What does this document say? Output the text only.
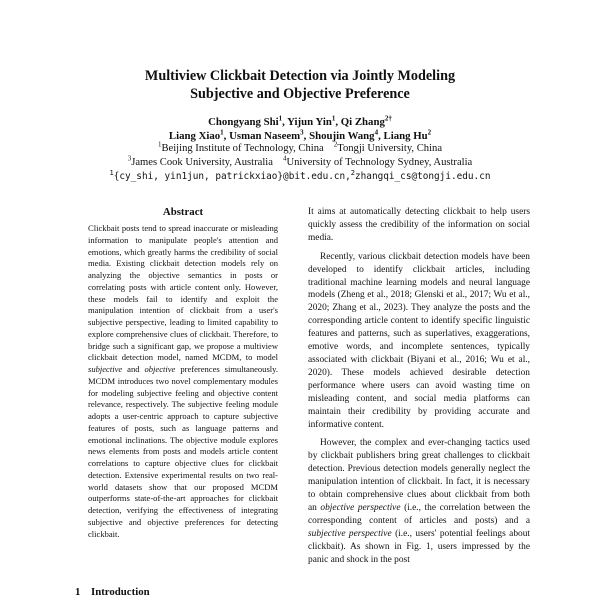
Multiview Clickbait Detection via Jointly Modeling
Subjective and Objective Preference
Chongyang Shi$^1$, Yijun Yin$^1$, Qi Zhang$^{2\dagger}$
Liang Xiao$^1$, Usman Naseem$^3$, Shoujin Wang$^4$, Liang Hu$^2$
$^1$Beijing Institute of Technology, China $^2$Tongji University, China
$^3$James Cook University, Australia $^4$University of Technology Sydney, Australia
$^1${cy_shi, yin1jun, patrickxiao}@bit.edu.cn,$^2$zhangqi_cs@tongji.edu.cn
Abstract
Clickbait posts tend to spread inaccurate or misleading information to manipulate people's attention and emotions, which greatly harms the credibility of social media. Existing clickbait detection models rely on analyzing the objective semantics in posts or correlating posts with article content only. However, these models fail to identify and exploit the manipulation intention of clickbait from a user's subjective perspective, leading to limited capability to explore comprehensive clues of clickbait. Therefore, to bridge such a significant gap, we propose a multiview clickbait detection model, named MCDM, to model subjective and objective preferences simultaneously. MCDM introduces two novel complementary modules for modeling subjective feeling and objective content relevance, respectively. The subjective feeling module adopts a user-centric approach to capture subjective features of posts, such as language patterns and emotional inclinations. The objective module explores news elements from posts and models article content correlations to capture objective clues for clickbait detection. Extensive experimental results on two real-world datasets show that our proposed MCDM outperforms state-of-the-art approaches for clickbait detection, verifying the effectiveness of integrating subjective and objective preferences for detecting clickbait.
1 Introduction

It aims at automatically detecting clickbait to help users quickly assess the credibility of the information on social media.

Recently, various clickbait detection models have been developed to identify clickbait articles, including traditional machine learning models and neural language models (Zheng et al., 2018; Glenski et al., 2017; Wu et al., 2020; Zhang et al., 2023). They analyze the posts and the corresponding article content to identify specific linguistic features and patterns, such as superlatives, exaggerations, emotive words, and incomplete sentences, typically associated with clickbait (Biyani et al., 2016; Wu et al., 2020). These models achieved desirable detection performance where users can avoid wasting time on misleading content, and social media platforms can maintain their credibility by providing accurate and informative content.

However, the complex and ever-changing tactics used by clickbait publishers bring great challenges to clickbait detection. Previous detection models generally neglect the manipulation intention of clickbait. In fact, it is necessary to obtain comprehensive clues about clickbait from both an objective perspective (i.e., the correlation between the corresponding content of articles and posts) and a subjective perspective (i.e., users' potential feelings about clickbait). As shown in Fig. 1, users impressed by the panic and shock in the post
